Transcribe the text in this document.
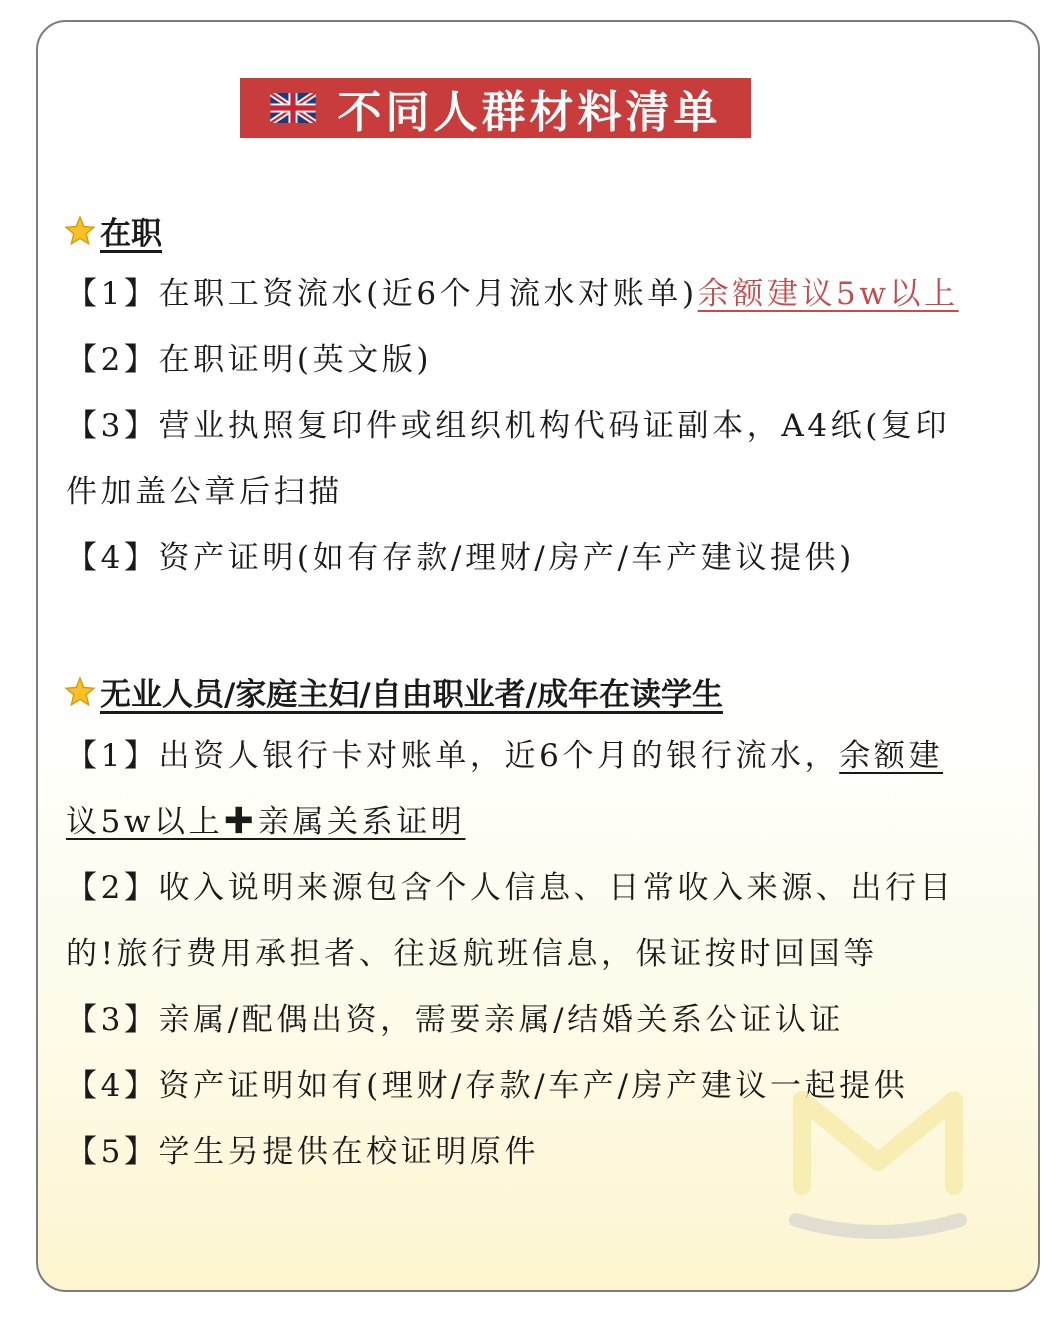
不同人群材料清单
在职
【1】在职工资流水(近6个月流水对账单)余额建议5w以上
【2】在职证明(英文版)
【3】营业执照复印件或组织机构代码证副本，A4纸(复印
件加盖公章后扫描
【4】资产证明(如有存款/理财/房产/车产建议提供)
无业人员/家庭主妇/自由职业者/成年在读学生
【1】出资人银行卡对账单，近6个月的银行流水，余额建
议5w以上✚亲属关系证明
【2】收入说明来源包含个人信息、日常收入来源、出行目
的!旅行费用承担者、往返航班信息，保证按时回国等
【3】亲属/配偶出资，需要亲属/结婚关系公证认证
【4】资产证明如有(理财/存款/车产/房产建议一起提供
【5】学生另提供在校证明原件
